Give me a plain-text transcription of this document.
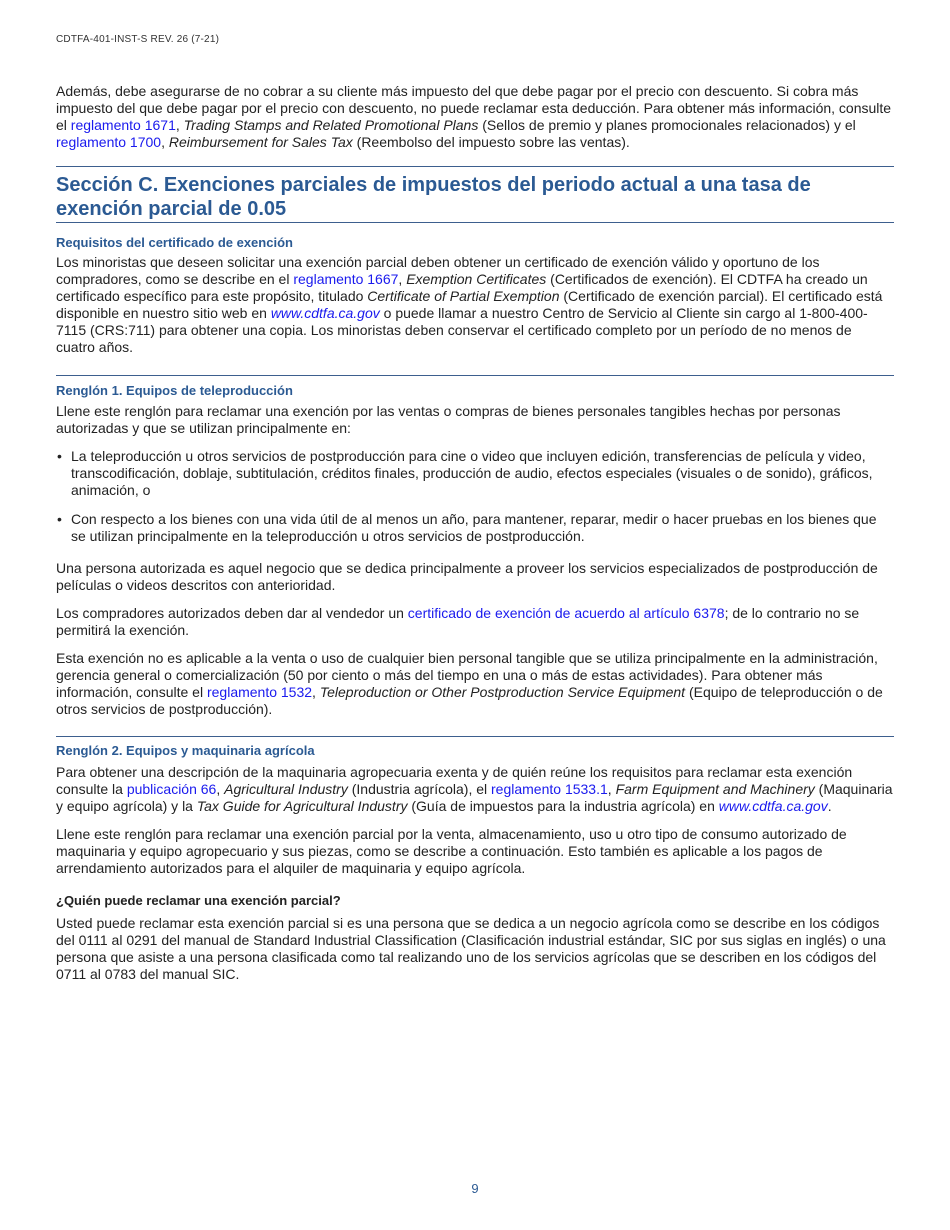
CDTFA-401-INST-S REV. 26 (7-21)

Además, debe asegurarse de no cobrar a su cliente más impuesto del que debe pagar por el precio con descuento. Si cobra más impuesto del que debe pagar por el precio con descuento, no puede reclamar esta deducción. Para obtener más información, consulte el reglamento 1671, Trading Stamps and Related Promotional Plans (Sellos de premio y planes promocionales relacionados) y el reglamento 1700, Reimbursement for Sales Tax (Reembolso del impuesto sobre las ventas).

Sección C. Exenciones parciales de impuestos del periodo actual a una tasa de exención parcial de 0.05
Requisitos del certificado de exención

Los minoristas que deseen solicitar una exención parcial deben obtener un certificado de exención válido y oportuno de los compradores, como se describe en el reglamento 1667, Exemption Certificates (Certificados de exención). El CDTFA ha creado un certificado específico para este propósito, titulado Certificate of Partial Exemption (Certificado de exención parcial). El certificado está disponible en nuestro sitio web en www.cdtfa.ca.gov o puede llamar a nuestro Centro de Servicio al Cliente sin cargo al 1-800-400-7115 (CRS:711) para obtener una copia. Los minoristas deben conservar el certificado completo por un período de no menos de cuatro años.

Renglón 1. Equipos de teleproducción

Llene este renglón para reclamar una exención por las ventas o compras de bienes personales tangibles hechas por personas autorizadas y que se utilizan principalmente en:

• La teleproducción u otros servicios de postproducción para cine o video que incluyen edición, transferencias de película y video, transcodificación, doblaje, subtitulación, créditos finales, producción de audio, efectos especiales (visuales o de sonido), gráficos, animación, o
• Con respecto a los bienes con una vida útil de al menos un año, para mantener, reparar, medir o hacer pruebas en los bienes que se utilizan principalmente en la teleproducción u otros servicios de postproducción.

Una persona autorizada es aquel negocio que se dedica principalmente a proveer los servicios especializados de postproducción de películas o videos descritos con anterioridad.

Los compradores autorizados deben dar al vendedor un certificado de exención de acuerdo al artículo 6378; de lo contrario no se permitirá la exención.

Esta exención no es aplicable a la venta o uso de cualquier bien personal tangible que se utiliza principalmente en la administración, gerencia general o comercialización (50 por ciento o más del tiempo en una o más de estas actividades). Para obtener más información, consulte el reglamento 1532, Teleproduction or Other Postproduction Service Equipment (Equipo de teleproducción o de otros servicios de postproducción).

Renglón 2. Equipos y maquinaria agrícola

Para obtener una descripción de la maquinaria agropecuaria exenta y de quién reúne los requisitos para reclamar esta exención consulte la publicación 66, Agricultural Industry (Industria agrícola), el reglamento 1533.1, Farm Equipment and Machinery (Maquinaria y equipo agrícola) y la Tax Guide for Agricultural Industry (Guía de impuestos para la industria agrícola) en www.cdtfa.ca.gov.

Llene este renglón para reclamar una exención parcial por la venta, almacenamiento, uso u otro tipo de consumo autorizado de maquinaria y equipo agropecuario y sus piezas, como se describe a continuación. Esto también es aplicable a los pagos de arrendamiento autorizados para el alquiler de maquinaria y equipo agrícola.

¿Quién puede reclamar una exención parcial?

Usted puede reclamar esta exención parcial si es una persona que se dedica a un negocio agrícola como se describe en los códigos del 0111 al 0291 del manual de Standard Industrial Classification (Clasificación industrial estándar, SIC por sus siglas en inglés) o una persona que asiste a una persona clasificada como tal realizando uno de los servicios agrícolas que se describen en los códigos del 0711 al 0783 del manual SIC.

9
